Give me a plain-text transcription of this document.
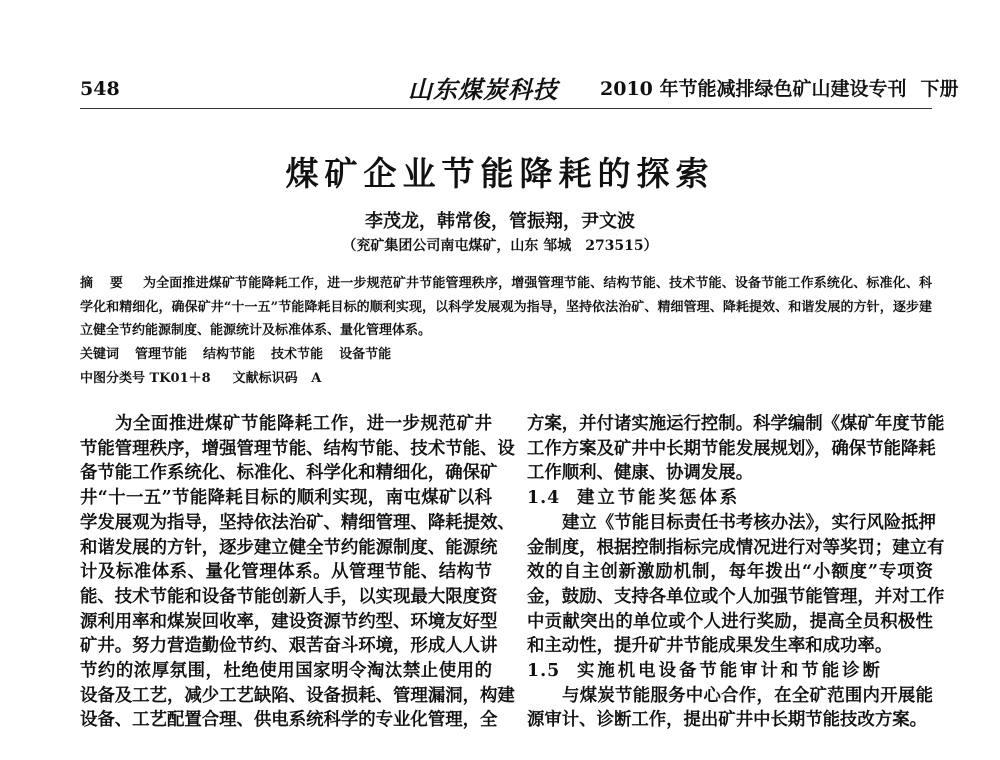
548	山东煤炭科技 2010 年节能减排绿色矿山建设专刊 下册
煤矿企业节能降耗的探索
李茂龙，韩常俊，管振翔，尹文波
（兖矿集团公司南屯煤矿，山东 邹城　273515）
摘 要 为全面推进煤矿节能降耗工作，进一步规范矿井节能管理秩序，增强管理节能、结构节能、技术节能、设备节能工作系统化、标准化、科学化和精细化，确保矿井“十一五”节能降耗目标的顺利实现，以科学发展观为指导，坚持依法治矿、精细管理、降耗提效、和谐发展的方针，逐步建立健全节约能源制度、能源统计及标准体系、量化管理体系。
关键词 管理节能 结构节能 技术节能 设备节能
中图分类号 TK01＋8 文献标识码 A
为全面推进煤矿节能降耗工作，进一步规范矿井
节能管理秩序，增强管理节能、结构节能、技术节能、设
备节能工作系统化、标准化、科学化和精细化，确保矿
井“十一五”节能降耗目标的顺利实现，南屯煤矿以科
学发展观为指导，坚持依法治矿、精细管理、降耗提效、
和谐发展的方针，逐步建立健全节约能源制度、能源统
计及标准体系、量化管理体系。从管理节能、结构节
能、技术节能和设备节能创新人手，以实现最大限度资
源利用率和煤炭回收率，建设资源节约型、环境友好型
矿井。努力营造勤俭节约、艰苦奋斗环境，形成人人讲
节约的浓厚氛围，杜绝使用国家明令淘汰禁止使用的
设备及工艺，减少工艺缺陷、设备损耗、管理漏洞，构建
设备、工艺配置合理、供电系统科学的专业化管理，全
方案，并付诸实施运行控制。科学编制《煤矿年度节能
工作方案及矿井中长期节能发展规划》，确保节能降耗
工作顺利、健康、协调发展。
1.4 建立节能奖惩体系
建立《节能目标责任书考核办法》，实行风险抵押
金制度，根据控制指标完成情况进行对等奖罚；建立有
效的自主创新激励机制，每年拨出“小额度”专项资
金，鼓励、支持各单位或个人加强节能管理，并对工作
中贡献突出的单位或个人进行奖励，提高全员积极性
和主动性，提升矿井节能成果发生率和成功率。
1.5 实施机电设备节能审计和节能诊断
与煤炭节能服务中心合作，在全矿范围内开展能
源审计、诊断工作，提出矿井中长期节能技改方案。
